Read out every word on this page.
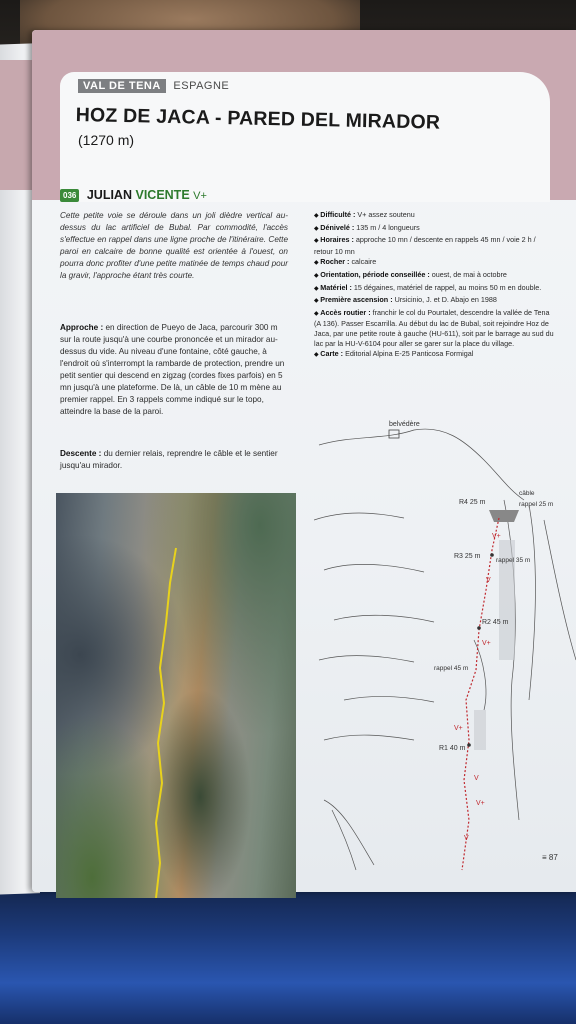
VAL DE TENA ESPAGNE
HOZ DE JACA - PARED DEL MIRADOR
(1270 m)
036 JULIAN VICENTE V+

Cette petite voie se déroule dans un joli dièdre vertical au-dessus du lac artificiel de Bubal. Par commodité, l'accès s'effectue en rappel dans une ligne proche de l'itinéraire. Cette paroi en calcaire de bonne qualité est orientée à l'ouest, on pourra donc profiter d'une petite matinée de temps chaud pour la gravir, l'approche étant très courte.

Approche : en direction de Pueyo de Jaca, parcourir 300 m sur la route jusqu'à une courbe prononcée et un mirador au-dessus du vide. Au niveau d'une fontaine, côté gauche, à l'endroit où s'interrompt la rambarde de protection, prendre un petit sentier qui descend en zigzag (cordes fixes parfois) en 5 mn jusqu'à une plateforme. De là, un câble de 10 m mène au premier rappel. En 3 rappels comme indiqué sur le topo, atteindre la base de la paroi.

Descente : du dernier relais, reprendre le câble et le sentier jusqu'au mirador.

◆ Difficulté : V+ assez soutenu
◆ Dénivelé : 135 m / 4 longueurs
◆ Horaires : approche 10 mn / descente en rappels 45 mn / voie 2 h / retour 10 mn
◆ Rocher : calcaire
◆ Orientation, période conseillée : ouest, de mai à octobre
◆ Matériel : 15 dégaines, matériel de rappel, au moins 50 m en double.
◆ Première ascension : Ursicinio, J. et D. Abajo en 1988
◆ Accès routier : franchir le col du Pourtalet, descendre la vallée de Tena (A 136). Passer Escarrilla. Au début du lac de Bubal, soit rejoindre Hoz de Jaca, par une petite route à gauche (HU-611), soit par le barrage au sud du lac par la HU-V-6104 pour aller se garer sur la place du village.
◆ Carte : Editorial Alpina E-25 Panticosa Formigal
belvédère
câble
R4 25 m	rappel 25 m
R3 25 m
rappel 35 m
R2 45 m
rappel 45 m
R1 40 m
V+
V
V+
V+
V
V+
V
≡ 87
